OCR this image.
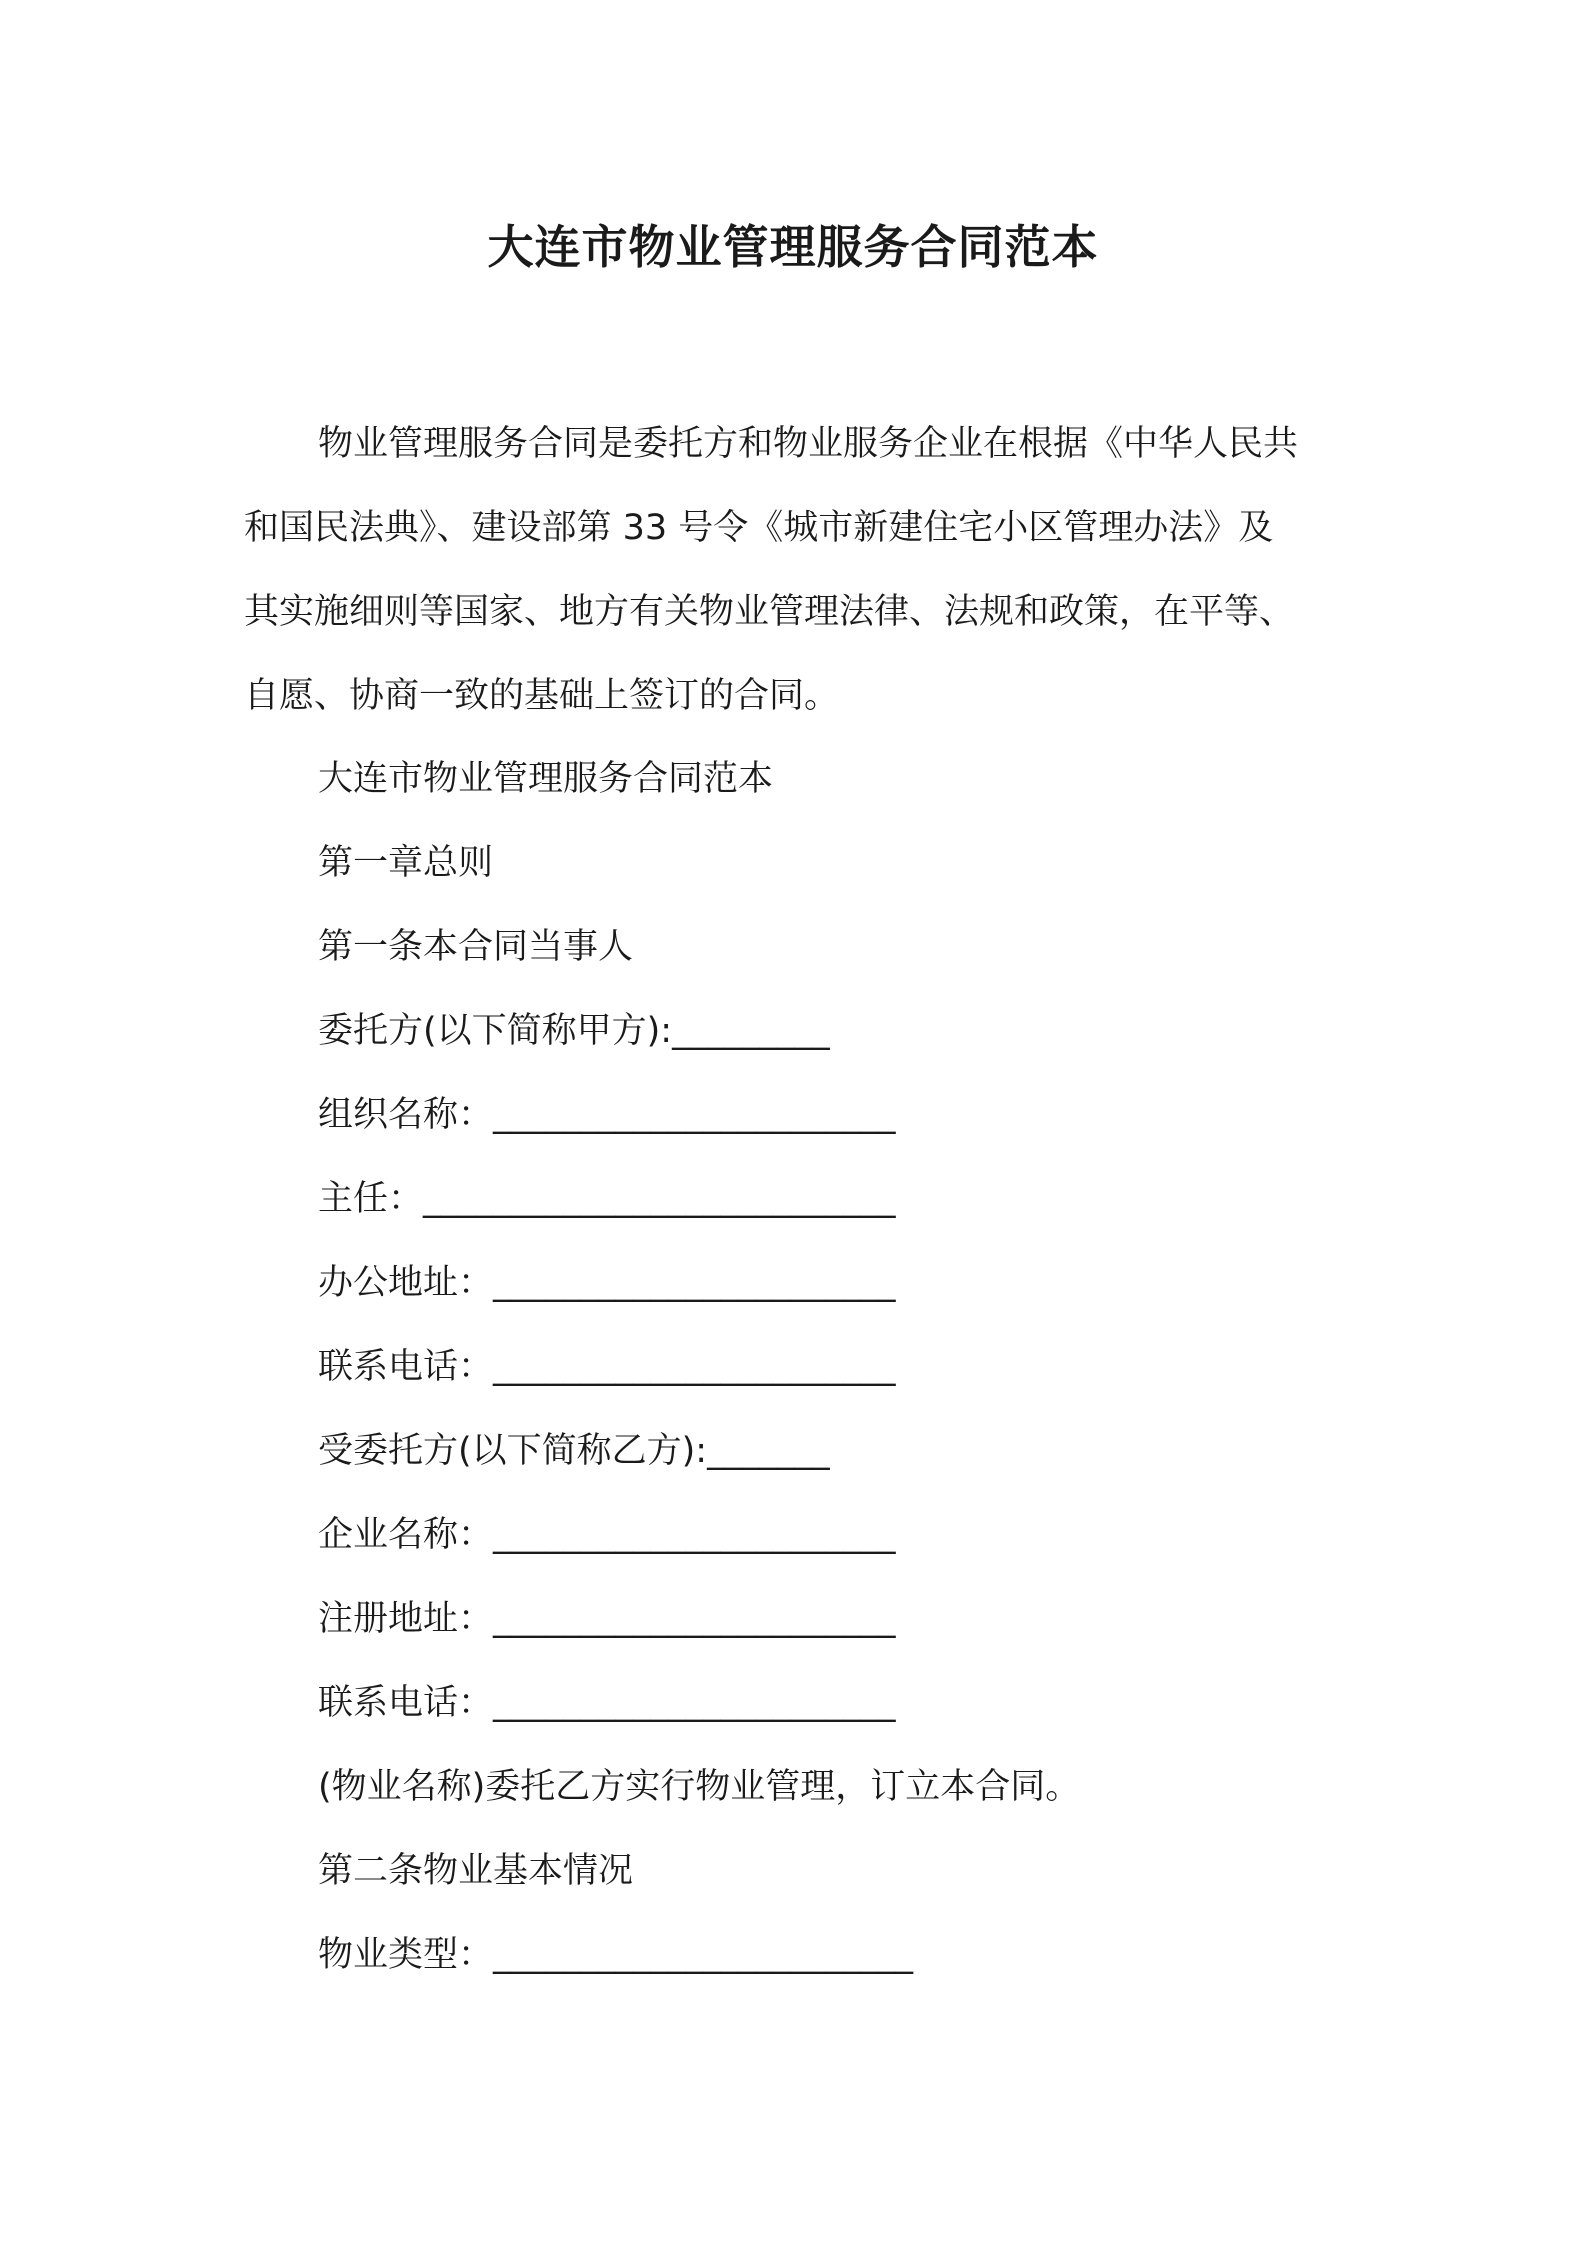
大连市物业管理服务合同范本
物业管理服务合同是委托方和物业服务企业在根据《中华人民共
和国民法典》、建设部第 33 号令《城市新建住宅小区管理办法》及
其实施细则等国家、地方有关物业管理法律、法规和政策，在平等、
自愿、协商一致的基础上签订的合同。
大连市物业管理服务合同范本
第一章总则
第一条本合同当事人
委托方(以下简称甲方):_________
组织名称：_______________________
主任：___________________________
办公地址：_______________________
联系电话：_______________________
受委托方(以下简称乙方):_______
企业名称：_______________________
注册地址：_______________________
联系电话：_______________________
(物业名称)委托乙方实行物业管理，订立本合同。
第二条物业基本情况
物业类型：________________________
